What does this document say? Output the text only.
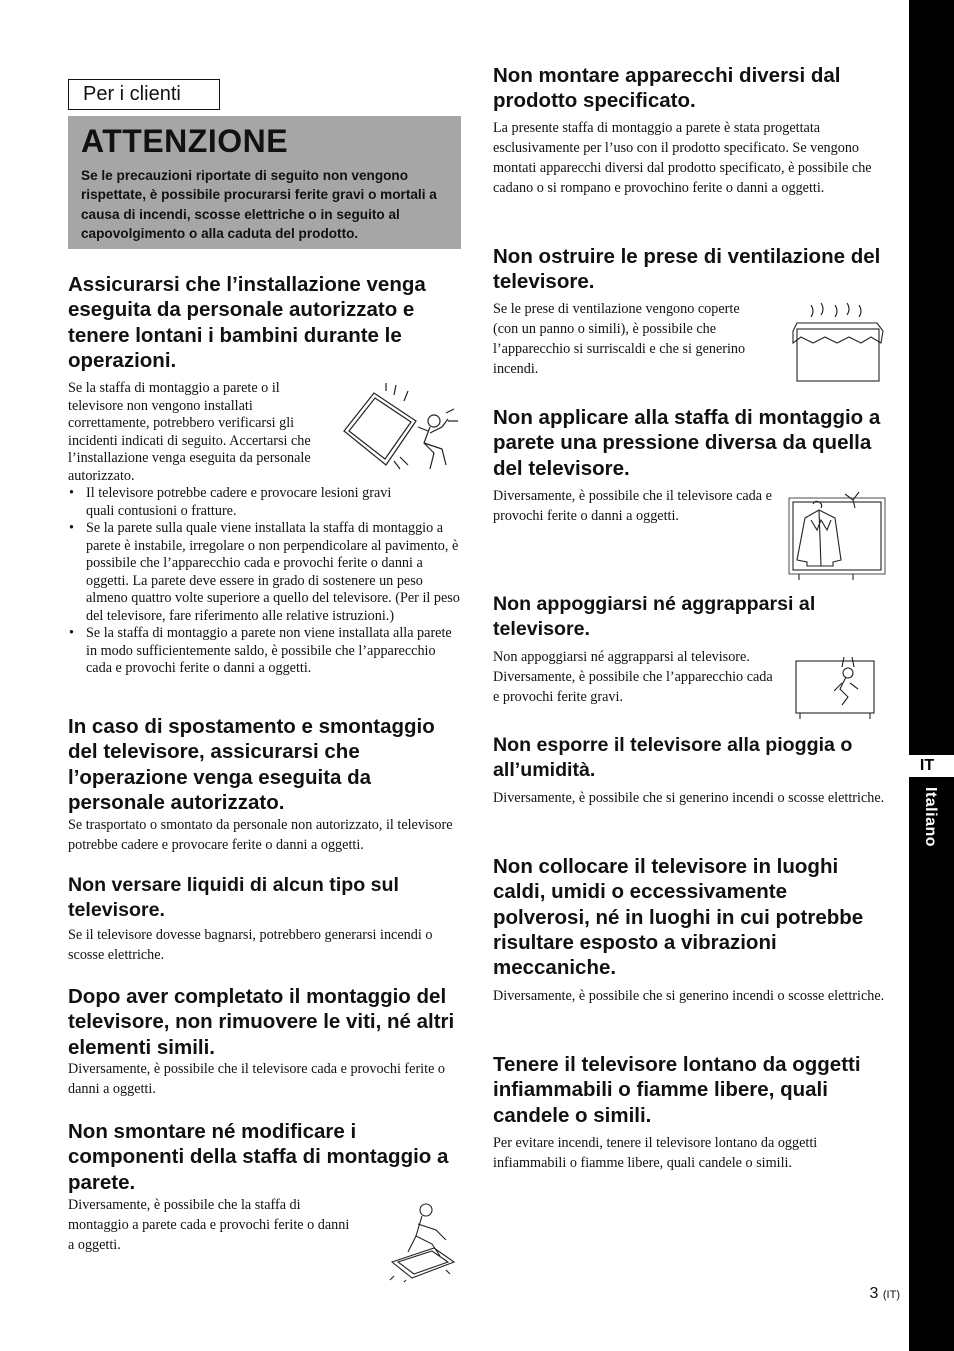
Per i clienti

ATTENZIONE

Se le precauzioni riportate di seguito non vengono rispettate, è possibile procurarsi ferite gravi o mortali a causa di incendi, scosse elettriche o in seguito al capovolgimento o alla caduta del prodotto.

Assicurarsi che l’installazione venga eseguita da personale autorizzato e tenere lontani i bambini durante le operazioni.

Se la staffa di montaggio a parete o il televisore non vengono installati correttamente, potrebbero verificarsi gli incidenti indicati di seguito. Accertarsi che l’installazione venga eseguita da personale autorizzato.

• Il televisore potrebbe cadere e provocare lesioni gravi quali contusioni o fratture.
• Se la parete sulla quale viene installata la staffa di montaggio a parete è instabile, irregolare o non perpendicolare al pavimento, è possibile che l’apparecchio cada e provochi ferite o danni a oggetti. La parete deve essere in grado di sostenere un peso almeno quattro volte superiore a quello del televisore. (Per il peso del televisore, fare riferimento alle relative istruzioni.)
• Se la staffa di montaggio a parete non viene installata alla parete in modo sufficientemente saldo, è possibile che l’apparecchio cada e provochi ferite o danni a oggetti.
In caso di spostamento e smontaggio del televisore, assicurarsi che l’operazione venga eseguita da personale autorizzato.

Se trasportato o smontato da personale non autorizzato, il televisore potrebbe cadere e provocare ferite o danni a oggetti.

Non versare liquidi di alcun tipo sul televisore.

Se il televisore dovesse bagnarsi, potrebbero generarsi incendi o scosse elettriche.

Dopo aver completato il montaggio del televisore, non rimuovere le viti, né altri elementi simili.

Diversamente, è possibile che il televisore cada e provochi ferite o danni a oggetti.

Non smontare né modificare i componenti della staffa di montaggio a parete.

Diversamente, è possibile che la staffa di montaggio a parete cada e provochi ferite o danni a oggetti.

Non montare apparecchi diversi dal prodotto specificato.

La presente staffa di montaggio a parete è stata progettata esclusivamente per l’uso con il prodotto specificato. Se vengono montati apparecchi diversi dal prodotto specificato, è possibile che cadano o si rompano e provochino ferite o danni a oggetti.

Non ostruire le prese di ventilazione del televisore.

Se le prese di ventilazione vengono coperte (con un panno o simili), è possibile che l’apparecchio si surriscaldi e che si generino incendi.

Non applicare alla staffa di montaggio a parete una pressione diversa da quella del televisore.

Diversamente, è possibile che il televisore cada e provochi ferite o danni a oggetti.

Non appoggiarsi né aggrapparsi al televisore.

Non appoggiarsi né aggrapparsi al televisore. Diversamente, è possibile che l’apparecchio cada e provochi ferite gravi.

Non esporre il televisore alla pioggia o all’umidità.

Diversamente, è possibile che si generino incendi o scosse elettriche.

Non collocare il televisore in luoghi caldi, umidi o eccessivamente polverosi, né in luoghi in cui potrebbe risultare esposto a vibrazioni meccaniche.

Diversamente, è possibile che si generino incendi o scosse elettriche.

Tenere il televisore lontano da oggetti infiammabili o fiamme libere, quali candele o simili.

Per evitare incendi, tenere il televisore lontano da oggetti infiammabili o fiamme libere, quali candele o simili.

IT
Italiano
3 (IT)
